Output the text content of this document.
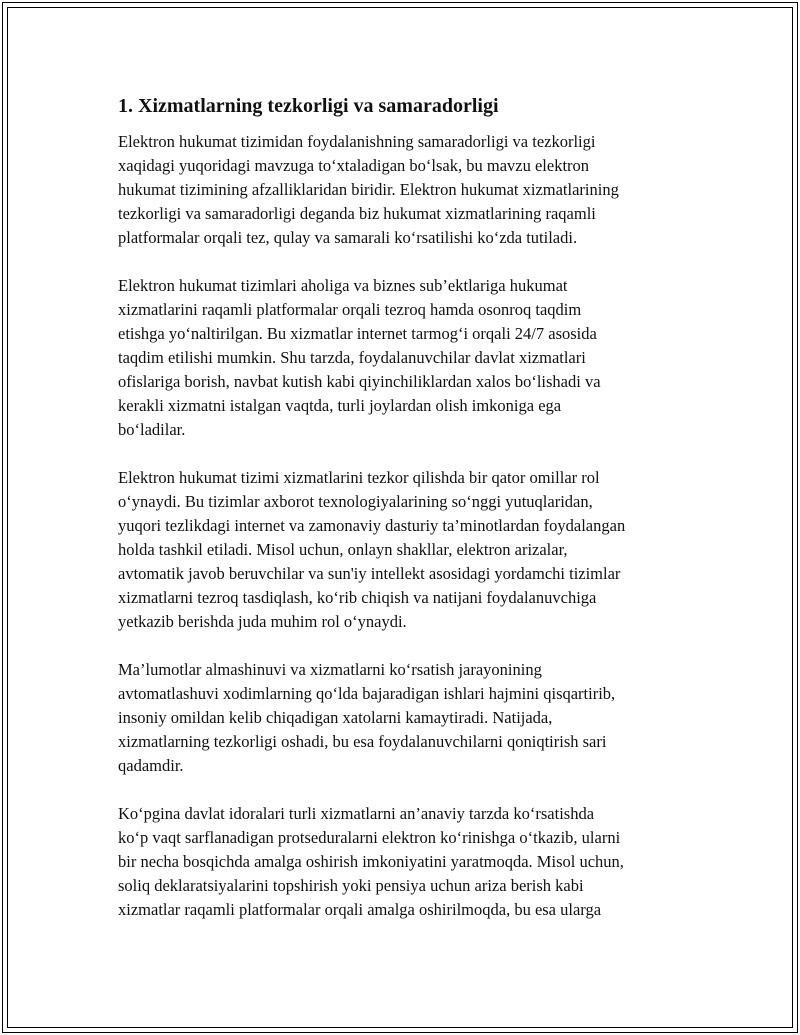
1. Xizmatlarning tezkorligi va samaradorligi
Elektron hukumat tizimidan foydalanishning samaradorligi va tezkorligi
xaqidagi yuqoridagi mavzuga to‘xtaladigan bo‘lsak, bu mavzu elektron
hukumat tizimining afzalliklaridan biridir. Elektron hukumat xizmatlarining
tezkorligi va samaradorligi deganda biz hukumat xizmatlarining raqamli
platformalar orqali tez, qulay va samarali ko‘rsatilishi ko‘zda tutiladi.
Elektron hukumat tizimlari aholiga va biznes sub’ektlariga hukumat
xizmatlarini raqamli platformalar orqali tezroq hamda osonroq taqdim
etishga yo‘naltirilgan. Bu xizmatlar internet tarmog‘i orqali 24/7 asosida
taqdim etilishi mumkin. Shu tarzda, foydalanuvchilar davlat xizmatlari
ofislariga borish, navbat kutish kabi qiyinchiliklardan xalos bo‘lishadi va
kerakli xizmatni istalgan vaqtda, turli joylardan olish imkoniga ega
bo‘ladilar.
Elektron hukumat tizimi xizmatlarini tezkor qilishda bir qator omillar rol
o‘ynaydi. Bu tizimlar axborot texnologiyalarining so‘nggi yutuqlaridan,
yuqori tezlikdagi internet va zamonaviy dasturiy ta’minotlardan foydalangan
holda tashkil etiladi. Misol uchun, onlayn shakllar, elektron arizalar,
avtomatik javob beruvchilar va sun'iy intellekt asosidagi yordamchi tizimlar
xizmatlarni tezroq tasdiqlash, ko‘rib chiqish va natijani foydalanuvchiga
yetkazib berishda juda muhim rol o‘ynaydi.
Ma’lumotlar almashinuvi va xizmatlarni ko‘rsatish jarayonining
avtomatlashuvi xodimlarning qo‘lda bajaradigan ishlari hajmini qisqartirib,
insoniy omildan kelib chiqadigan xatolarni kamaytiradi. Natijada,
xizmatlarning tezkorligi oshadi, bu esa foydalanuvchilarni qoniqtirish sari
qadamdir.
Ko‘pgina davlat idoralari turli xizmatlarni an’anaviy tarzda ko‘rsatishda
ko‘p vaqt sarflanadigan protseduralarni elektron ko‘rinishga o‘tkazib, ularni
bir necha bosqichda amalga oshirish imkoniyatini yaratmoqda. Misol uchun,
soliq deklaratsiyalarini topshirish yoki pensiya uchun ariza berish kabi
xizmatlar raqamli platformalar orqali amalga oshirilmoqda, bu esa ularga
